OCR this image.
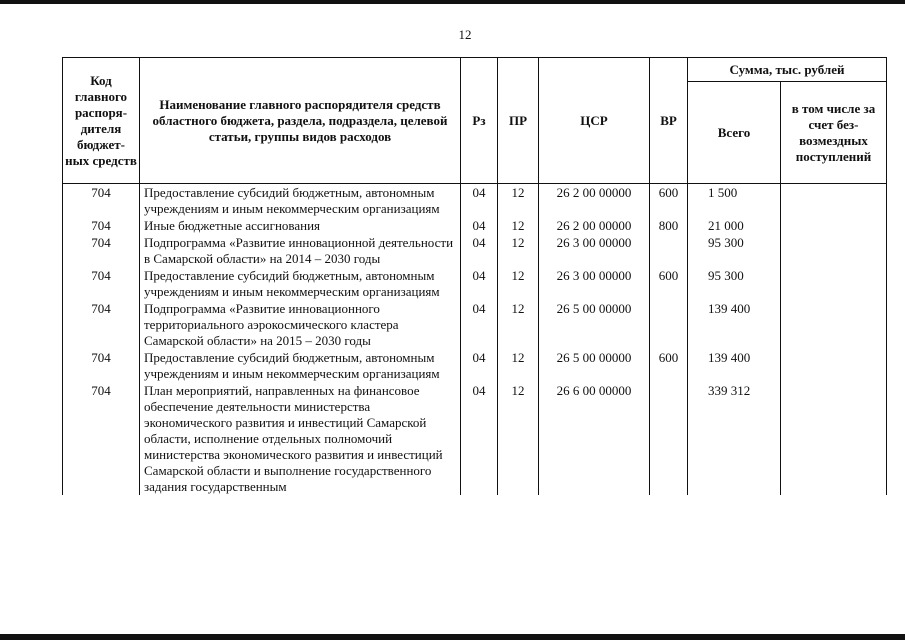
12
Код главного распоря-дителя бюджет-ных средств	Наименование главного распорядителя средств областного бюджета, раздела, подраздела, целевой статьи, группы видов расходов	Рз	ПР	ЦСР	ВР	Сумма, тыс. рублей	
						Всего	в том числе за счет без-возмездных поступлений
704	Предоставление субсидий бюджетным, автономным учреждениям и иным некоммерческим организациям	04	12	26 2 00 00000	600	1 500	
704	Иные бюджетные ассигнования	04	12	26 2 00 00000	800	21 000	
704	Подпрограмма «Развитие инновационной деятельности в Самарской области» на 2014 – 2030 годы	04	12	26 3 00 00000		95 300	
704	Предоставление субсидий бюджетным, автономным учреждениям и иным некоммерческим организациям	04	12	26 3 00 00000	600	95 300	
704	Подпрограмма «Развитие инновационного территориального аэрокосмического кластера Самарской области» на 2015 – 2030 годы	04	12	26 5 00 00000		139 400	
704	Предоставление субсидий бюджетным, автономным учреждениям и иным некоммерческим организациям	04	12	26 5 00 00000	600	139 400	
704	План мероприятий, направленных на финансовое обеспечение деятельности министерства экономического развития и инвестиций Самарской области, исполнение отдельных полномочий министерства экономического развития и инвестиций Самарской области и выполнение государственного задания государственным	04	12	26 6 00 00000		339 312	
